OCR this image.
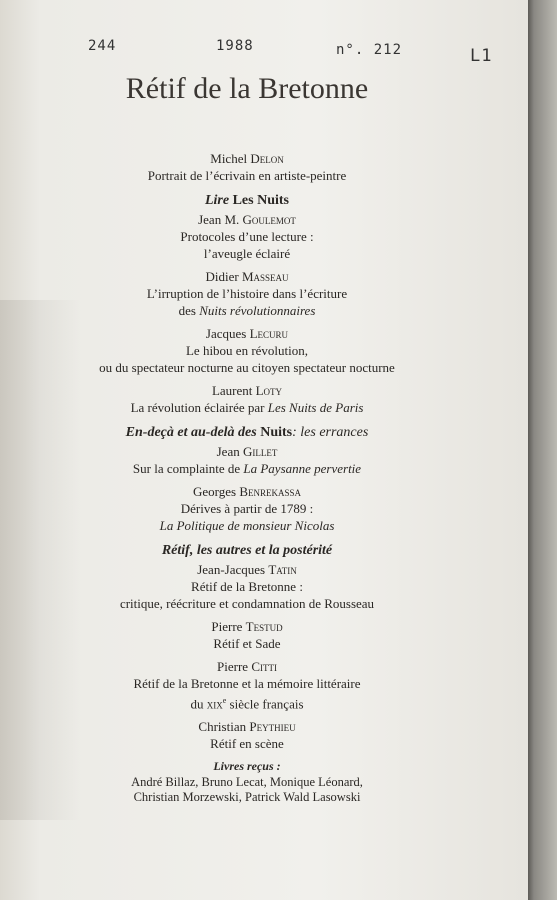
244	1988	n°. 212	L1
Rétif de la Bretonne
Michel Delon
Portrait de l’écrivain en artiste-peintre
Lire Les Nuits
Jean M. Goulemot
Protocoles d’une lecture :
l’aveugle éclairé
Didier Masseau
L’irruption de l’histoire dans l’écriture
des Nuits révolutionnaires
Jacques Lecuru
Le hibou en révolution,
ou du spectateur nocturne au citoyen spectateur nocturne
Laurent Loty
La révolution éclairée par Les Nuits de Paris
En-deçà et au-delà des Nuits: les errances
Jean Gillet
Sur la complainte de La Paysanne pervertie
Georges Benrekassa
Dérives à partir de 1789 :
La Politique de monsieur Nicolas
Rétif, les autres et la postérité
Jean-Jacques Tatin
Rétif de la Bretonne :
critique, réécriture et condamnation de Rousseau
Pierre Testud
Rétif et Sade
Pierre Citti
Rétif de la Bretonne et la mémoire littéraire
du xix$^e$ siècle français
Christian Peythieu
Rétif en scène
Livres reçus :
André Billaz, Bruno Lecat, Monique Léonard,
Christian Morzewski, Patrick Wald Lasowski
